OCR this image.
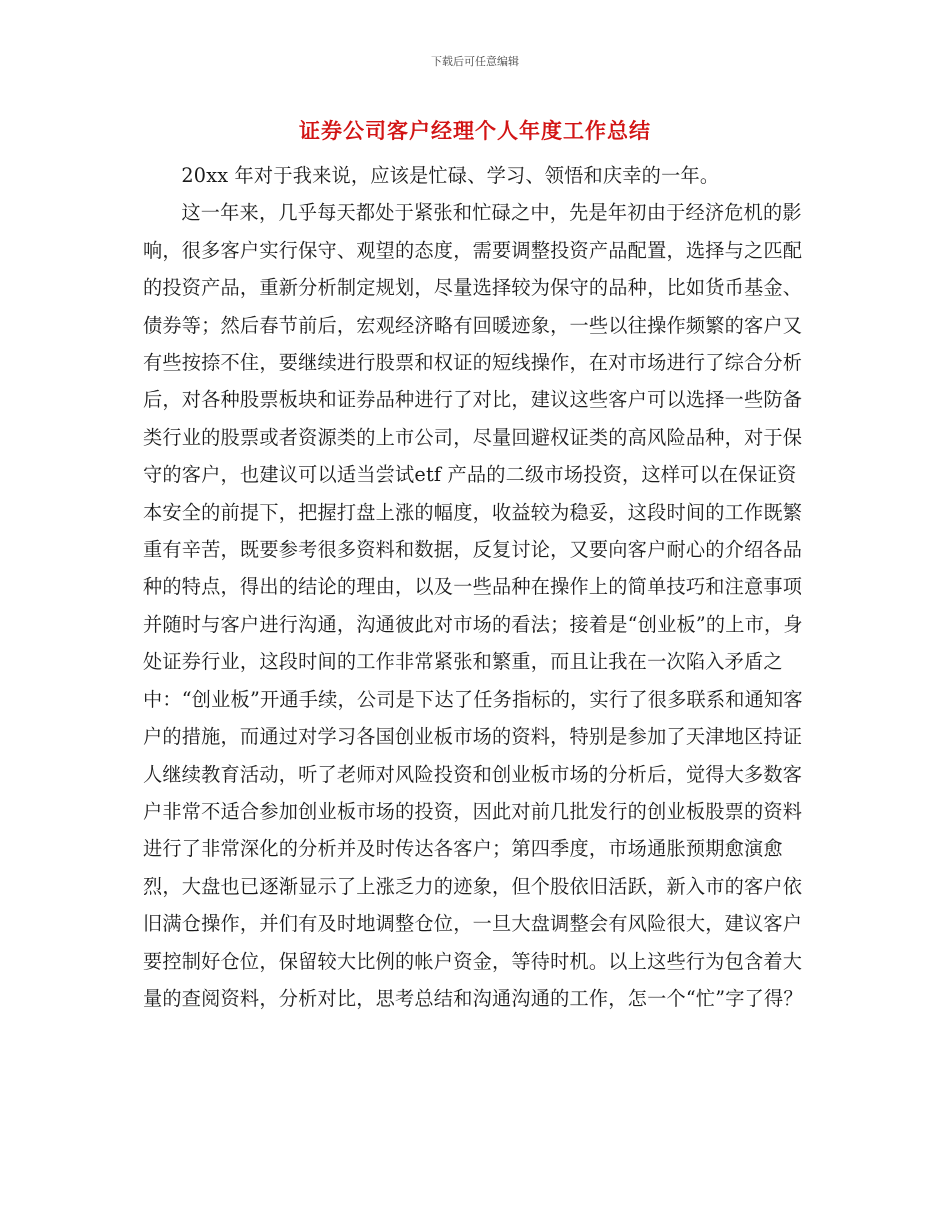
下载后可任意编辑
证券公司客户经理个人年度工作总结

20xx 年对于我来说，应该是忙碌、学习、领悟和庆幸的一年。

这一年来，几乎每天都处于紧张和忙碌之中，先是年初由于经济危机的影响，很多客户实行保守、观望的态度，需要调整投资产品配置，选择与之匹配的投资产品，重新分析制定规划，尽量选择较为保守的品种，比如货币基金、债券等；然后春节前后，宏观经济略有回暖迹象，一些以往操作频繁的客户又有些按捺不住，要继续进行股票和权证的短线操作，在对市场进行了综合分析后，对各种股票板块和证券品种进行了对比，建议这些客户可以选择一些防备类行业的股票或者资源类的上市公司，尽量回避权证类的高风险品种，对于保守的客户，也建议可以适当尝试etf 产品的二级市场投资，这样可以在保证资本安全的前提下，把握打盘上涨的幅度，收益较为稳妥，这段时间的工作既繁重有辛苦，既要参考很多资料和数据，反复讨论，又要向客户耐心的介绍各品种的特点，得出的结论的理由，以及一些品种在操作上的简单技巧和注意事项并随时与客户进行沟通，沟通彼此对市场的看法；接着是“创业板”的上市，身处证券行业，这段时间的工作非常紧张和繁重，而且让我在一次陷入矛盾之中：“创业板”开通手续，公司是下达了任务指标的，实行了很多联系和通知客户的措施，而通过对学习各国创业板市场的资料，特别是参加了天津地区持证人继续教育活动，听了老师对风险投资和创业板市场的分析后，觉得大多数客户非常不适合参加创业板市场的投资，因此对前几批发行的创业板股票的资料进行了非常深化的分析并及时传达各客户；第四季度，市场通胀预期愈演愈烈，大盘也已逐渐显示了上涨乏力的迹象，但个股依旧活跃，新入市的客户依旧满仓操作，并们有及时地调整仓位，一旦大盘调整会有风险很大，建议客户要控制好仓位，保留较大比例的帐户资金，等待时机。以上这些行为包含着大量的查阅资料，分析对比，思考总结和沟通沟通的工作，怎一个“忙”字了得？
